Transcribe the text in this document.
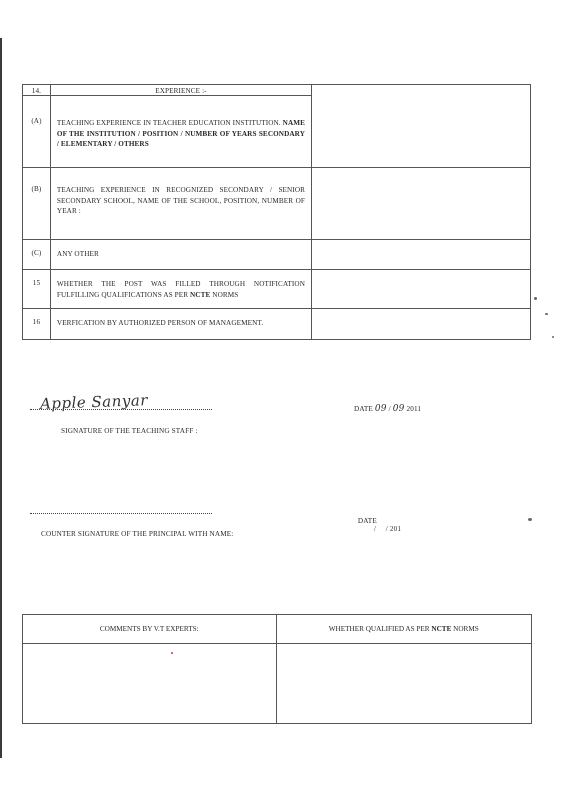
14.	EXPERIENCE :-	

(A)	TEACHING EXPERIENCE IN TEACHER EDUCATION INSTITUTION. NAME OF THE INSTITUTION / POSITION / NUMBER OF YEARS SECONDARY / ELEMENTARY / OTHERS	

(B)	TEACHING EXPERIENCE IN RECOGNIZED SECONDARY / SENIOR SECONDARY SCHOOL, NAME OF THE SCHOOL, POSITION, NUMBER OF YEAR :	

(C)	ANY OTHER	

15	WHETHER THE POST WAS FILLED THROUGH NOTIFICATION FULFILLING QUALIFICATIONS AS PER NCTE NORMS	

16	VERFICATION BY AUTHORIZED PERSON OF MANAGEMENT.	

Apple Sanyar
SIGNATURE OF THE TEACHING STAFF :
DATE 09 / 09 2011
COUNTER SIGNATURE OF THE PRINCIPAL WITH NAME:

DATE
/     / 201

COMMENTS BY V.T EXPERTS:	WHETHER QUALIFIED AS PER NCTE NORMS
